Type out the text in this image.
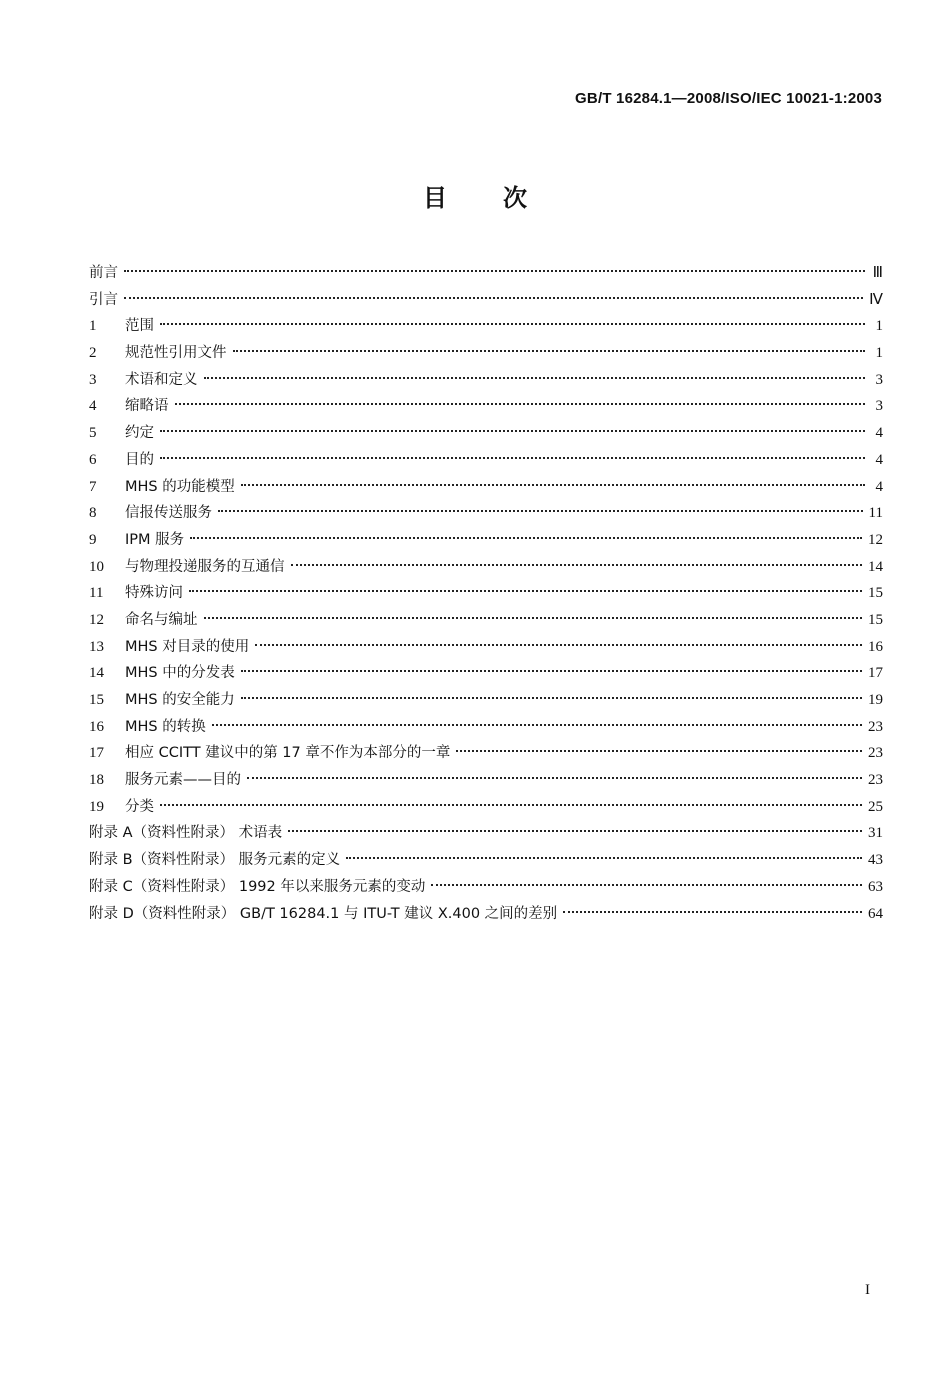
GB/T 16284.1—2008/ISO/IEC 10021-1:2003
目 次
前言	Ⅲ
引言	Ⅳ
1	范围	1
2	规范性引用文件	1
3	术语和定义	3
4	缩略语	3
5	约定	4
6	目的	4
7	MHS 的功能模型	4
8	信报传送服务	11
9	IPM 服务	12
10	与物理投递服务的互通信	14
11	特殊访问	15
12	命名与编址	15
13	MHS 对目录的使用	16
14	MHS 中的分发表	17
15	MHS 的安全能力	19
16	MHS 的转换	23
17	相应 CCITT 建议中的第 17 章不作为本部分的一章	23
18	服务元素——目的	23
19	分类	25
附录 A（资料性附录） 术语表	31
附录 B（资料性附录） 服务元素的定义	43
附录 C（资料性附录） 1992 年以来服务元素的变动	63
附录 D（资料性附录） GB/T 16284.1 与 ITU-T 建议 X.400 之间的差别	64
I
